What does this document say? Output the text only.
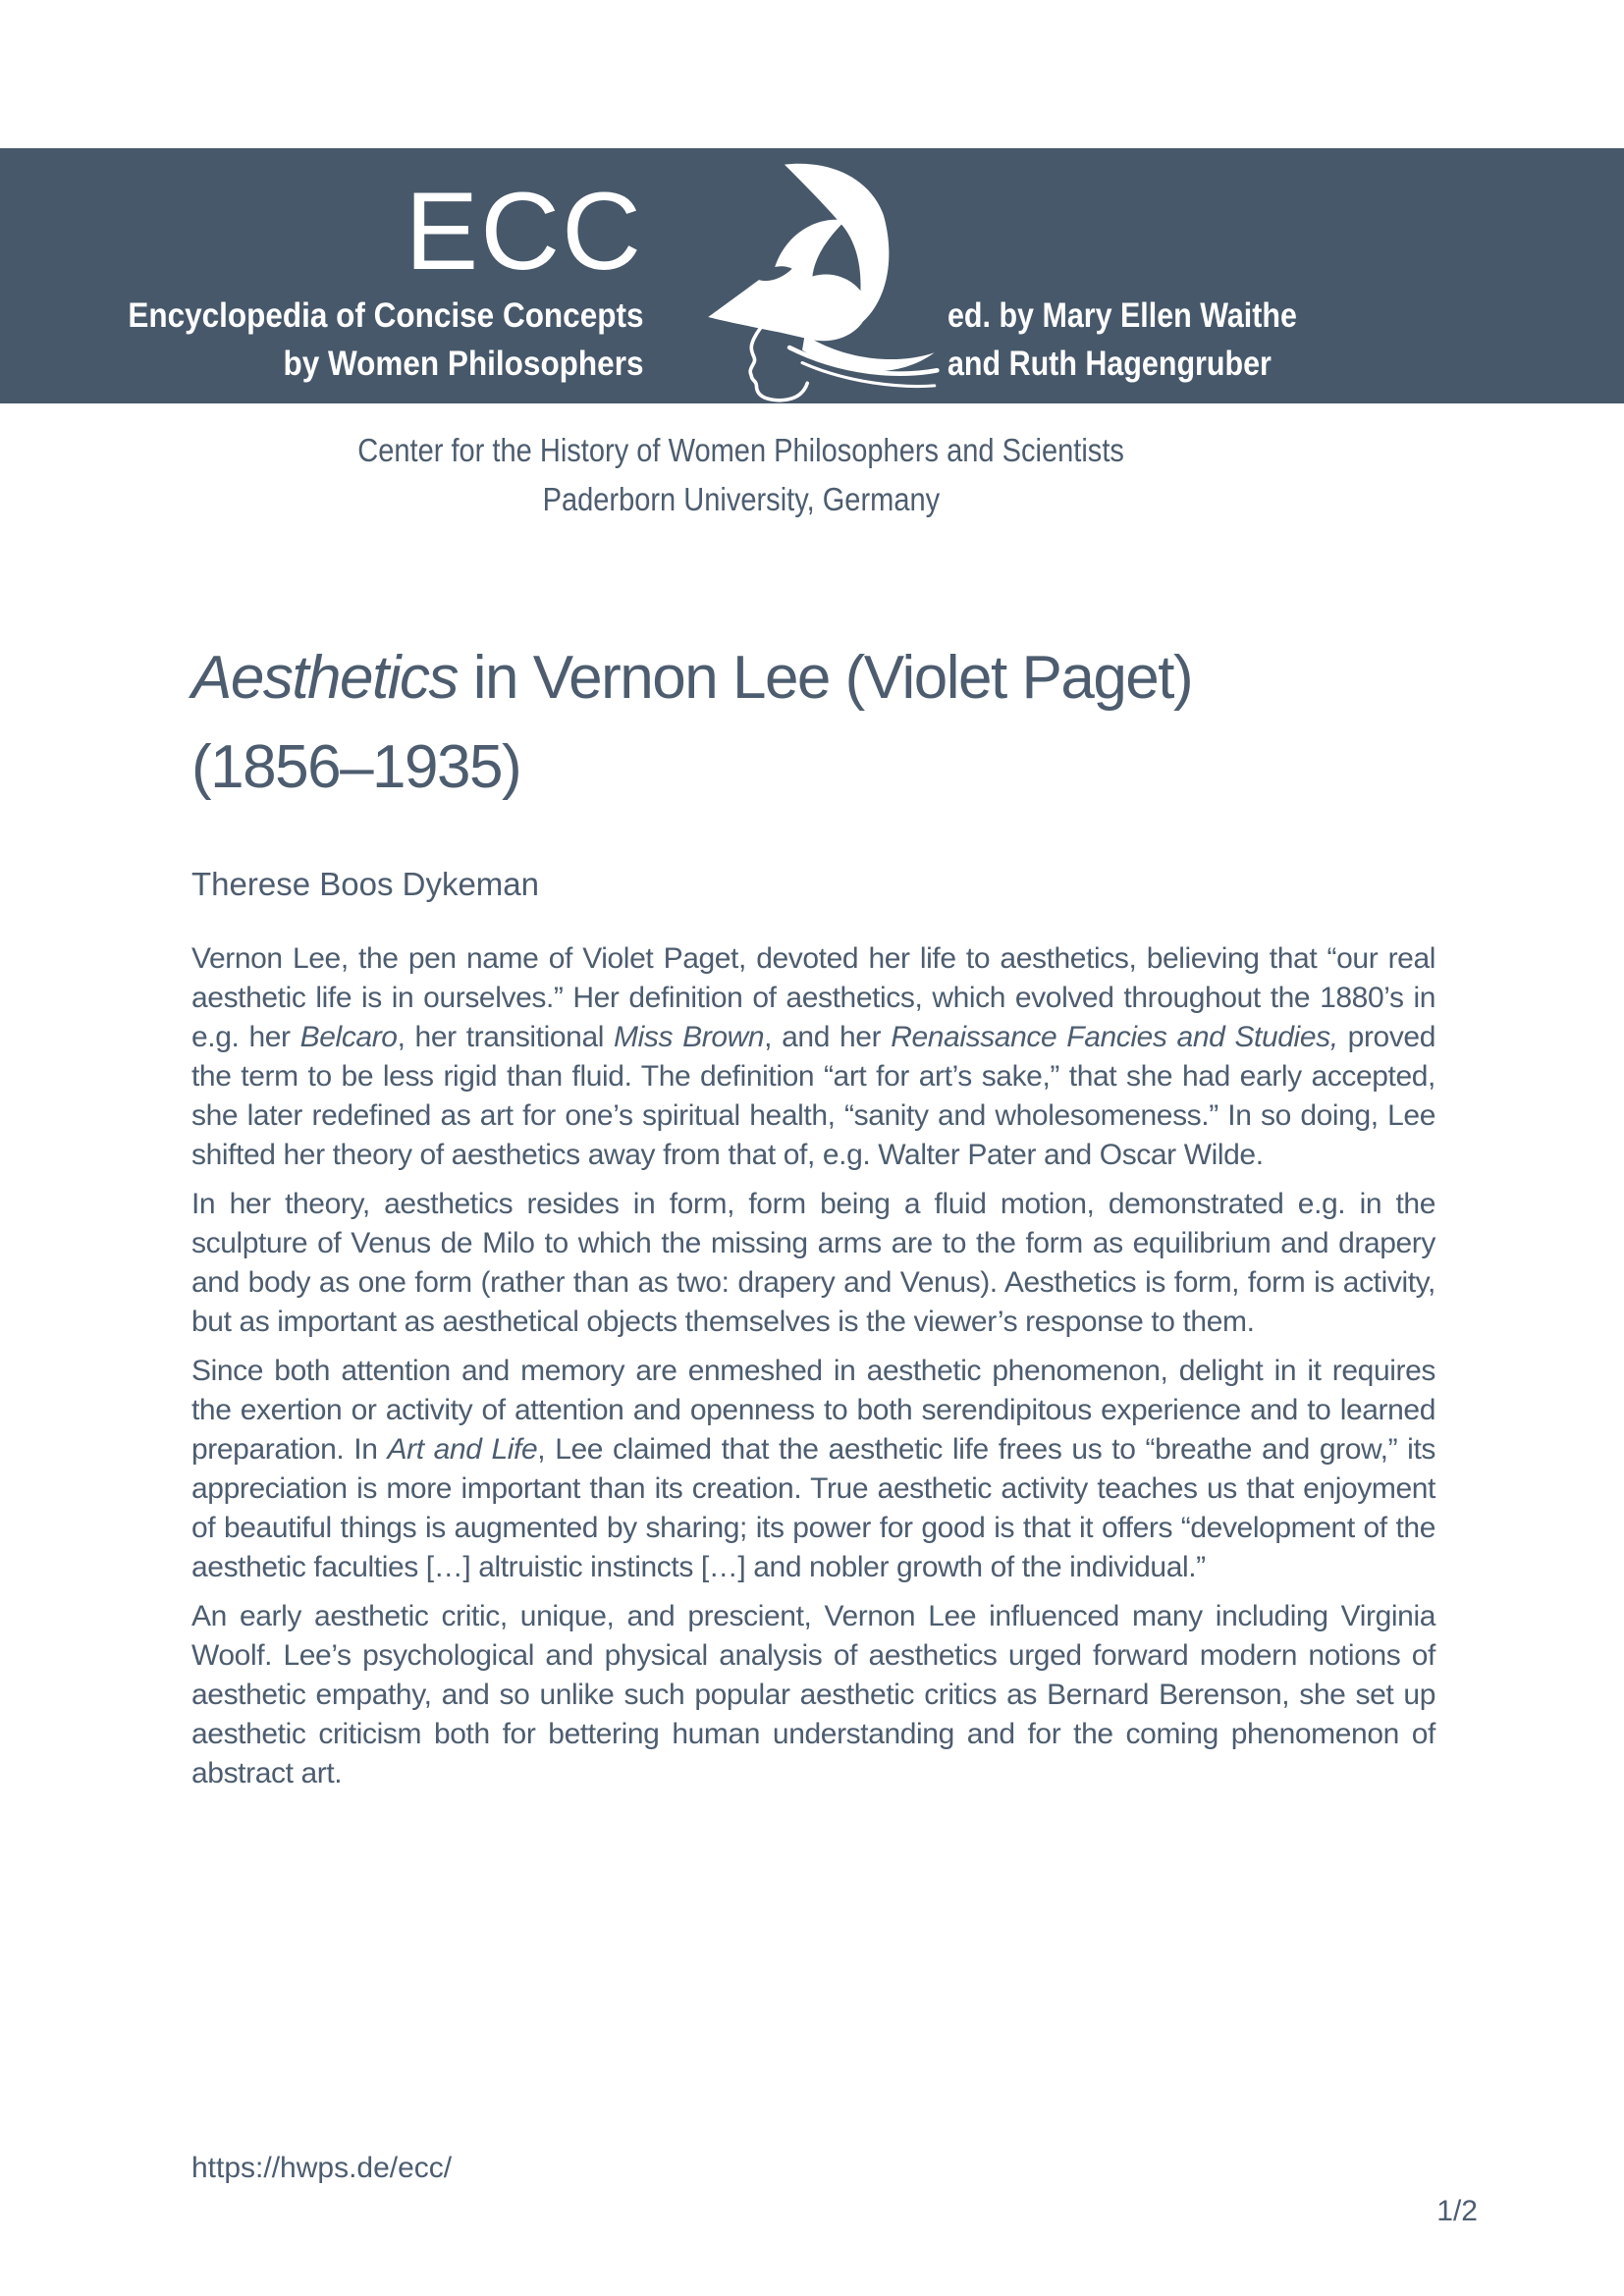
ECC
Encyclopedia of Concise Concepts
by Women Philosophers
ed. by Mary Ellen Waithe
and Ruth Hagengruber
Center for the History of Women Philosophers and Scientists
Paderborn University, Germany
Aesthetics in Vernon Lee (Violet Paget) (1856–1935)
Therese Boos Dykeman

Vernon Lee, the pen name of Violet Paget, devoted her life to aesthetics, believing that “our real aesthetic life is in ourselves.” Her definition of aesthetics, which evolved throughout the 1880’s in e.g. her Belcaro, her transitional Miss Brown, and her Renaissance Fancies and Studies, proved the term to be less rigid than fluid. The definition “art for art’s sake,” that she had early accepted, she later redefined as art for one’s spiritual health, “sanity and wholesomeness.” In so doing, Lee shifted her theory of aesthetics away from that of, e.g. Walter Pater and Oscar Wilde.

In her theory, aesthetics resides in form, form being a fluid motion, demonstrated e.g. in the sculpture of Venus de Milo to which the missing arms are to the form as equilibrium and drapery and body as one form (rather than as two: drapery and Venus). Aesthetics is form, form is activity, but as important as aesthetical objects themselves is the viewer’s response to them.

Since both attention and memory are enmeshed in aesthetic phenomenon, delight in it requires the exertion or activity of attention and openness to both serendipitous experience and to learned preparation. In Art and Life, Lee claimed that the aesthetic life frees us to “breathe and grow,” its appreciation is more important than its creation. True aesthetic activity teaches us that enjoyment of beautiful things is augmented by sharing; its power for good is that it offers “development of the aesthetic faculties […] altruistic instincts […] and nobler growth of the individual.”

An early aesthetic critic, unique, and prescient, Vernon Lee influenced many including Virginia Woolf. Lee’s psychological and physical analysis of aesthetics urged forward modern notions of aesthetic empathy, and so unlike such popular aesthetic critics as Bernard Berenson, she set up aesthetic criticism both for bettering human understanding and for the coming phenomenon of abstract art.

https://hwps.de/ecc/
1/2
